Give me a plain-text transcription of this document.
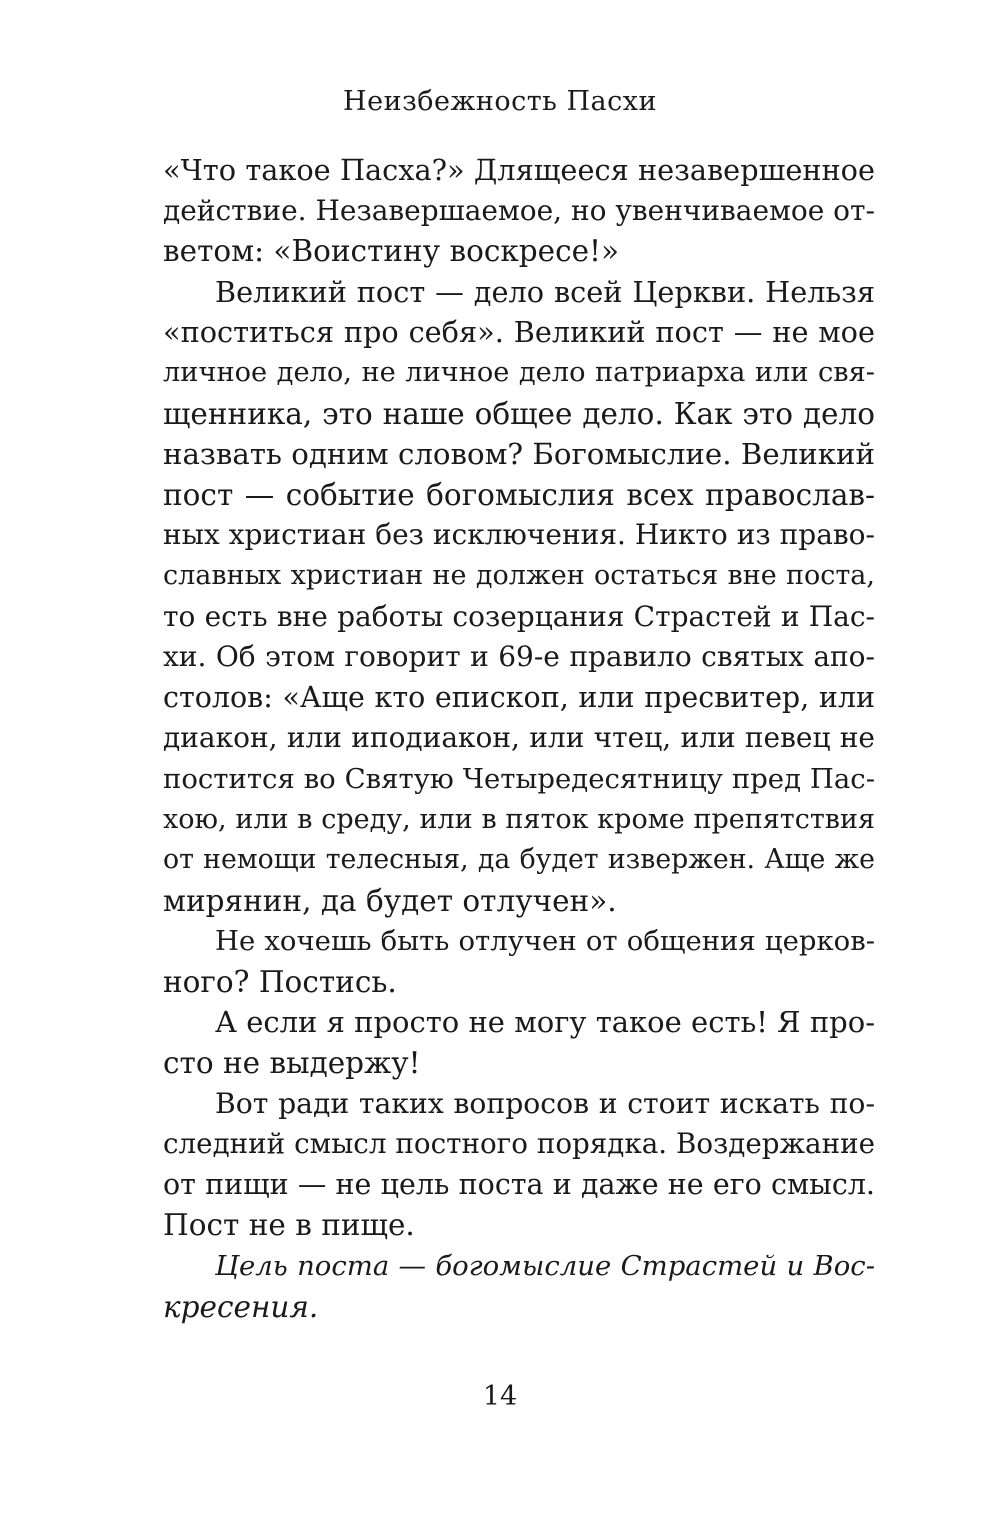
Неизбежность Пасхи
«Что такое Пасха?» Длящееся незавершенное
действие. Незавершаемое, но увенчиваемое от-
ветом: «Воистину воскресе!»
Великий пост — дело всей Церкви. Нельзя
«поститься про себя». Великий пост — не мое
личное дело, не личное дело патриарха или свя-
щенника, это наше общее дело. Как это дело
назвать одним словом? Богомыслие. Великий
пост — событие богомыслия всех православ-
ных христиан без исключения. Никто из право-
славных христиан не должен остаться вне поста,
то есть вне работы созерцания Страстей и Пас-
хи. Об этом говорит и 69-е правило святых апо-
столов: «Аще кто епископ, или пресвитер, или
диакон, или иподиакон, или чтец, или певец не
постится во Святую Четыредесятницу пред Пас-
хою, или в среду, или в пяток кроме препятствия
от немощи телесныя, да будет извержен. Аще же
мирянин, да будет отлучен».
Не хочешь быть отлучен от общения церков-
ного? Постись.
А если я просто не могу такое есть! Я про-
сто не выдержу!
Вот ради таких вопросов и стоит искать по-
следний смысл постного порядка. Воздержание
от пищи — не цель поста и даже не его смысл.
Пост не в пище.
Цель поста — богомыслие Страстей и Вос-
кресения.
14
